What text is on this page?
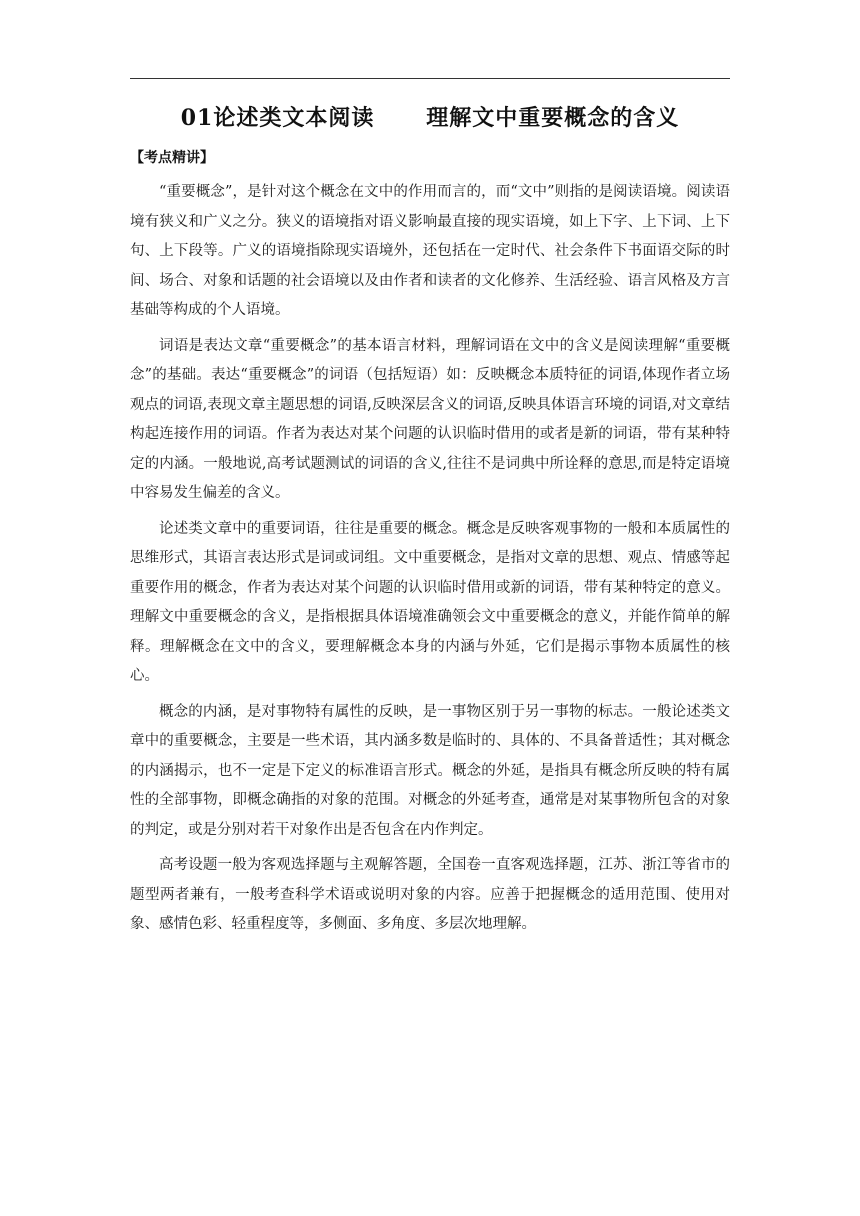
01论述类文本阅读      理解文中重要概念的含义
【考点精讲】

“重要概念”，是针对这个概念在文中的作用而言的，而“文中”则指的是阅读语境。阅读语境有狭义和广义之分。狭义的语境指对语义影响最直接的现实语境，如上下字、上下词、上下句、上下段等。广义的语境指除现实语境外，还包括在一定时代、社会条件下书面语交际的时间、场合、对象和话题的社会语境以及由作者和读者的文化修养、生活经验、语言风格及方言基础等构成的个人语境。

词语是表达文章“重要概念”的基本语言材料，理解词语在文中的含义是阅读理解“重要概念”的基础。表达“重要概念”的词语（包括短语）如：反映概念本质特征的词语,体现作者立场观点的词语,表现文章主题思想的词语,反映深层含义的词语,反映具体语言环境的词语,对文章结构起连接作用的词语。作者为表达对某个问题的认识临时借用的或者是新的词语，带有某种特定的内涵。一般地说,高考试题测试的词语的含义,往往不是词典中所诠释的意思,而是特定语境中容易发生偏差的含义。

论述类文章中的重要词语，往往是重要的概念。概念是反映客观事物的一般和本质属性的思维形式，其语言表达形式是词或词组。文中重要概念，是指对文章的思想、观点、情感等起重要作用的概念，作者为表达对某个问题的认识临时借用或新的词语，带有某种特定的意义。理解文中重要概念的含义，是指根据具体语境准确领会文中重要概念的意义，并能作简单的解释。理解概念在文中的含义，要理解概念本身的内涵与外延，它们是揭示事物本质属性的核心。

概念的内涵，是对事物特有属性的反映，是一事物区别于另一事物的标志。一般论述类文章中的重要概念，主要是一些术语，其内涵多数是临时的、具体的、不具备普适性；其对概念的内涵揭示，也不一定是下定义的标准语言形式。概念的外延，是指具有概念所反映的特有属性的全部事物，即概念确指的对象的范围。对概念的外延考查，通常是对某事物所包含的对象的判定，或是分别对若干对象作出是否包含在内作判定。

高考设题一般为客观选择题与主观解答题，全国卷一直客观选择题，江苏、浙江等省市的题型两者兼有，一般考查科学术语或说明对象的内容。应善于把握概念的适用范围、使用对象、感情色彩、轻重程度等，多侧面、多角度、多层次地理解。
